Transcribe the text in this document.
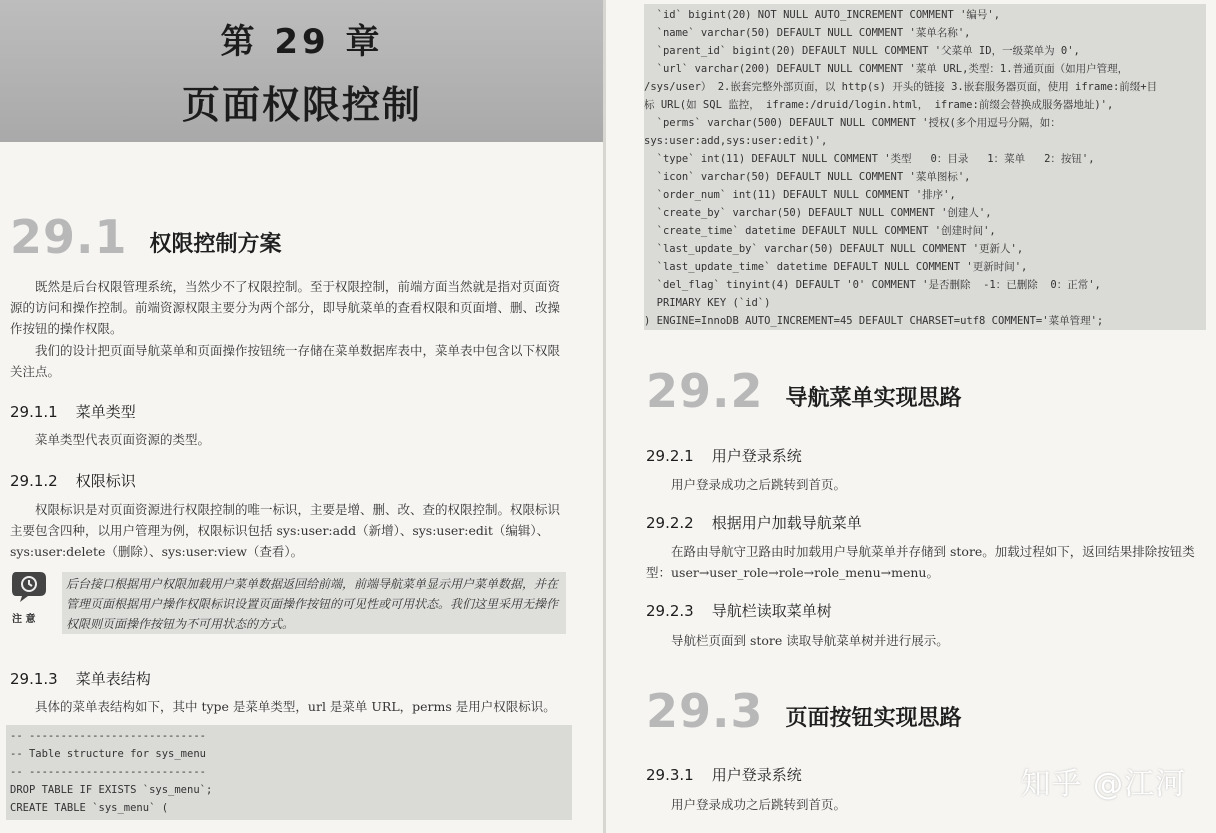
第 29 章
页面权限控制
29.1 权限控制方案
既然是后台权限管理系统，当然少不了权限控制。至于权限控制，前端方面当然就是指对页面资源的访问和操作控制。前端资源权限主要分为两个部分，即导航菜单的查看权限和页面增、删、改操作按钮的操作权限。
我们的设计把页面导航菜单和页面操作按钮统一存储在菜单数据库表中，菜单表中包含以下权限关注点。
29.1.1 菜单类型
菜单类型代表页面资源的类型。
29.1.2 权限标识
权限标识是对页面资源进行权限控制的唯一标识，主要是增、删、改、查的权限控制。权限标识主要包含四种，以用户管理为例，权限标识包括 sys:user:add（新增）、sys:user:edit（编辑）、sys:user:delete（删除）、sys:user:view（查看）。
注 意
后台接口根据用户权限加载用户菜单数据返回给前端，前端导航菜单显示用户菜单数据，并在管理页面根据用户操作权限标识设置页面操作按钮的可见性或可用状态。我们这里采用无操作权限则页面操作按钮为不可用状态的方式。
29.1.3 菜单表结构
具体的菜单表结构如下，其中 type 是菜单类型，url 是菜单 URL，perms 是用户权限标识。
-- ----------------------------
-- Table structure for sys_menu
-- ----------------------------
DROP TABLE IF EXISTS `sys_menu`;
CREATE TABLE `sys_menu` (
`id` bigint(20) NOT NULL AUTO_INCREMENT COMMENT '编号',
`name` varchar(50) DEFAULT NULL COMMENT '菜单名称',
`parent_id` bigint(20) DEFAULT NULL COMMENT '父菜单 ID，一级菜单为 0',
`url` varchar(200) DEFAULT NULL COMMENT '菜单 URL,类型：1.普通页面（如用户管理，
/sys/user） 2.嵌套完整外部页面，以 http(s) 开头的链接 3.嵌套服务器页面，使用 iframe:前缀+目
标 URL(如 SQL 监控， iframe:/druid/login.html， iframe:前缀会替换成服务器地址)',
`perms` varchar(500) DEFAULT NULL COMMENT '授权(多个用逗号分隔，如：
sys:user:add,sys:user:edit)',
`type` int(11) DEFAULT NULL COMMENT '类型   0：目录   1：菜单   2：按钮',
`icon` varchar(50) DEFAULT NULL COMMENT '菜单图标',
`order_num` int(11) DEFAULT NULL COMMENT '排序',
`create_by` varchar(50) DEFAULT NULL COMMENT '创建人',
`create_time` datetime DEFAULT NULL COMMENT '创建时间',
`last_update_by` varchar(50) DEFAULT NULL COMMENT '更新人',
`last_update_time` datetime DEFAULT NULL COMMENT '更新时间',
`del_flag` tinyint(4) DEFAULT '0' COMMENT '是否删除  -1：已删除  0：正常',
PRIMARY KEY (`id`)
) ENGINE=InnoDB AUTO_INCREMENT=45 DEFAULT CHARSET=utf8 COMMENT='菜单管理';
29.2 导航菜单实现思路
29.2.1 用户登录系统
用户登录成功之后跳转到首页。
29.2.2 根据用户加载导航菜单
在路由导航守卫路由时加载用户导航菜单并存储到 store。加载过程如下，返回结果排除按钮类型：user→user_role→role→role_menu→menu。
29.2.3 导航栏读取菜单树
导航栏页面到 store 读取导航菜单树并进行展示。
29.3 页面按钮实现思路
29.3.1 用户登录系统
用户登录成功之后跳转到首页。
知乎 @江河
